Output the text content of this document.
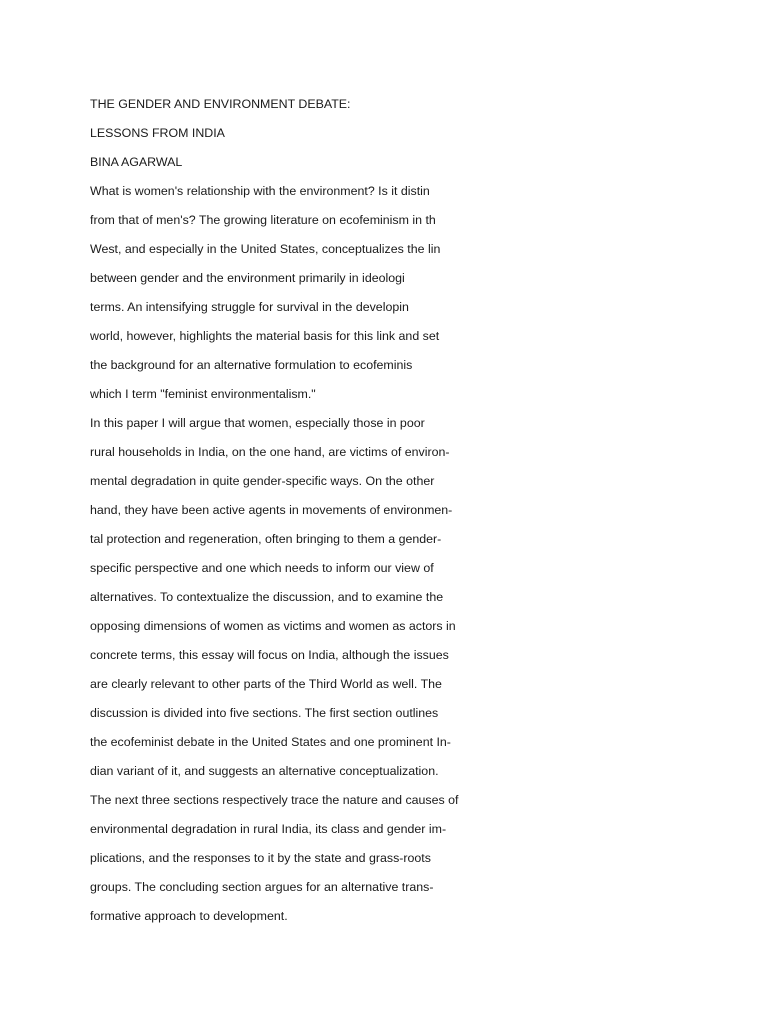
THE GENDER AND ENVIRONMENT DEBATE:
LESSONS FROM INDIA
BINA AGARWAL
What is women's relationship with the environment? Is it distin
from that of men's? The growing literature on ecofeminism in th
West, and especially in the United States, conceptualizes the lin
between gender and the environment primarily in ideologi
terms. An intensifying struggle for survival in the developin
world, however, highlights the material basis for this link and set
the background for an alternative formulation to ecofeminis
which I term "feminist environmentalism."
In this paper I will argue that women, especially those in poor
rural households in India, on the one hand, are victims of environ-
mental degradation in quite gender-specific ways. On the other
hand, they have been active agents in movements of environmen-
tal protection and regeneration, often bringing to them a gender-
specific perspective and one which needs to inform our view of
alternatives. To contextualize the discussion, and to examine the
opposing dimensions of women as victims and women as actors in
concrete terms, this essay will focus on India, although the issues
are clearly relevant to other parts of the Third World as well. The
discussion is divided into five sections. The first section outlines
the ecofeminist debate in the United States and one prominent In-
dian variant of it, and suggests an alternative conceptualization.
The next three sections respectively trace the nature and causes of
environmental degradation in rural India, its class and gender im-
plications, and the responses to it by the state and grass-roots
groups. The concluding section argues for an alternative trans-
formative approach to development.
